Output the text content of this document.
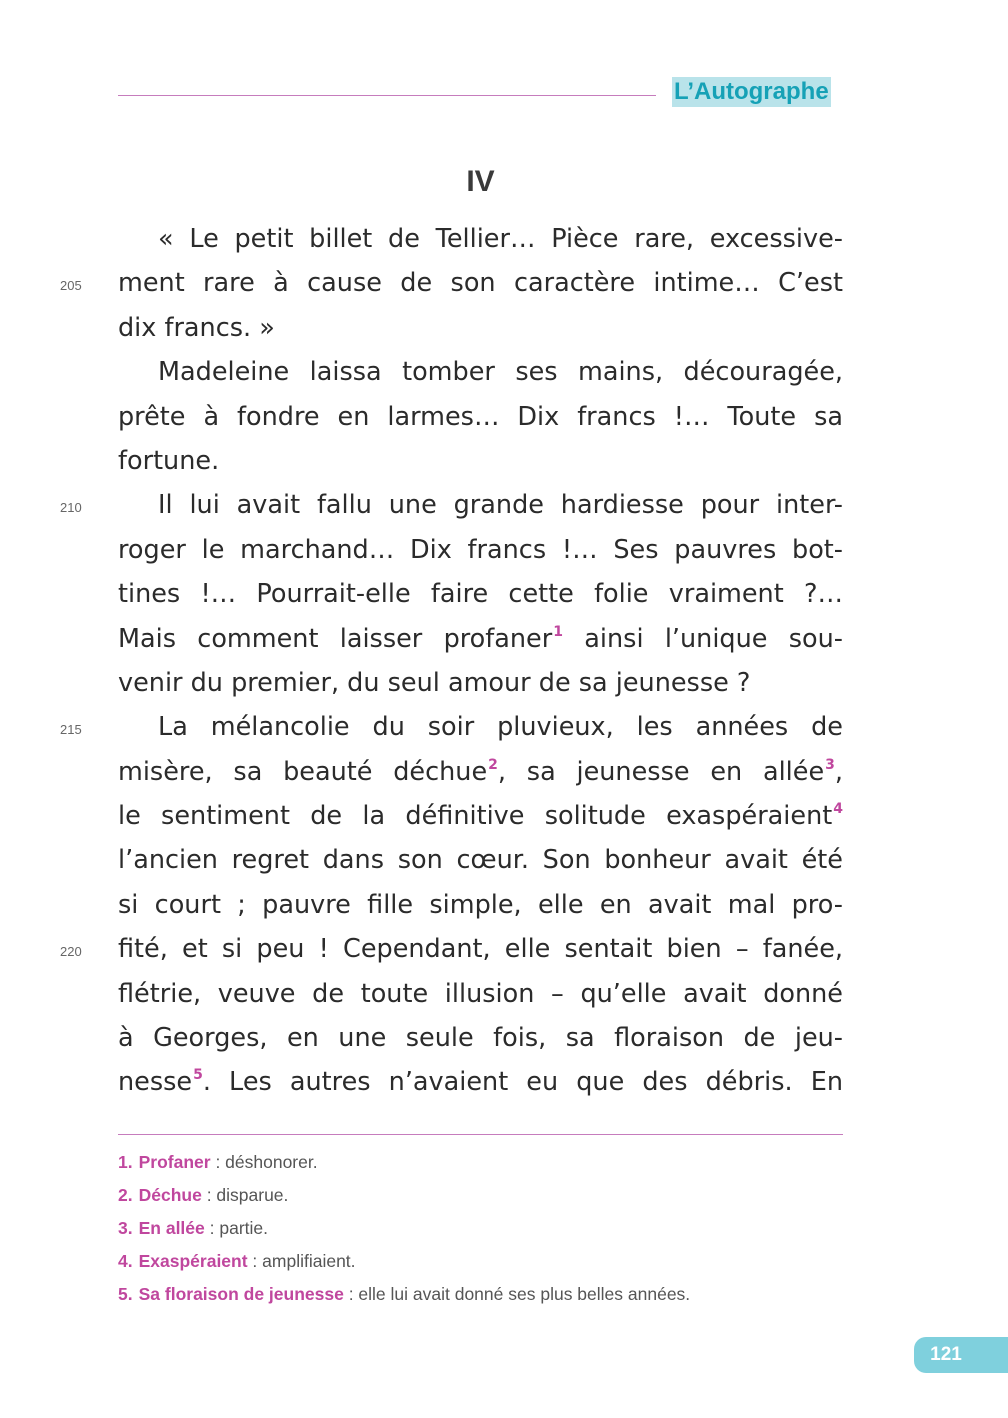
L’Autographe
IV
205
210
215
220
« Le petit billet de Tellier… Pièce rare, excessive-
ment rare à cause de son caractère intime… C’est
dix francs. »
Madeleine laissa tomber ses mains, découragée,
prête à fondre en larmes… Dix francs !… Toute sa
fortune.
Il lui avait fallu une grande hardiesse pour inter-
roger le marchand… Dix francs !… Ses pauvres bot-
tines !… Pourrait-elle faire cette folie vraiment ?…
Mais comment laisser profaner$^1$ ainsi l’unique sou-
venir du premier, du seul amour de sa jeunesse ?
La mélancolie du soir pluvieux, les années de
misère, sa beauté déchue$^2$, sa jeunesse en allée$^3$,
le sentiment de la définitive solitude exaspéraient$^4$
l’ancien regret dans son cœur. Son bonheur avait été
si court ; pauvre fille simple, elle en avait mal pro-
fité, et si peu ! Cependant, elle sentait bien – fanée,
flétrie, veuve de toute illusion – qu’elle avait donné
à Georges, en une seule fois, sa floraison de jeu-
nesse$^5$. Les autres n’avaient eu que des débris. En
1. Profaner : déshonorer.
2. Déchue : disparue.
3. En allée : partie.
4. Exaspéraient : amplifiaient.
5. Sa floraison de jeunesse : elle lui avait donné ses plus belles années.
121
